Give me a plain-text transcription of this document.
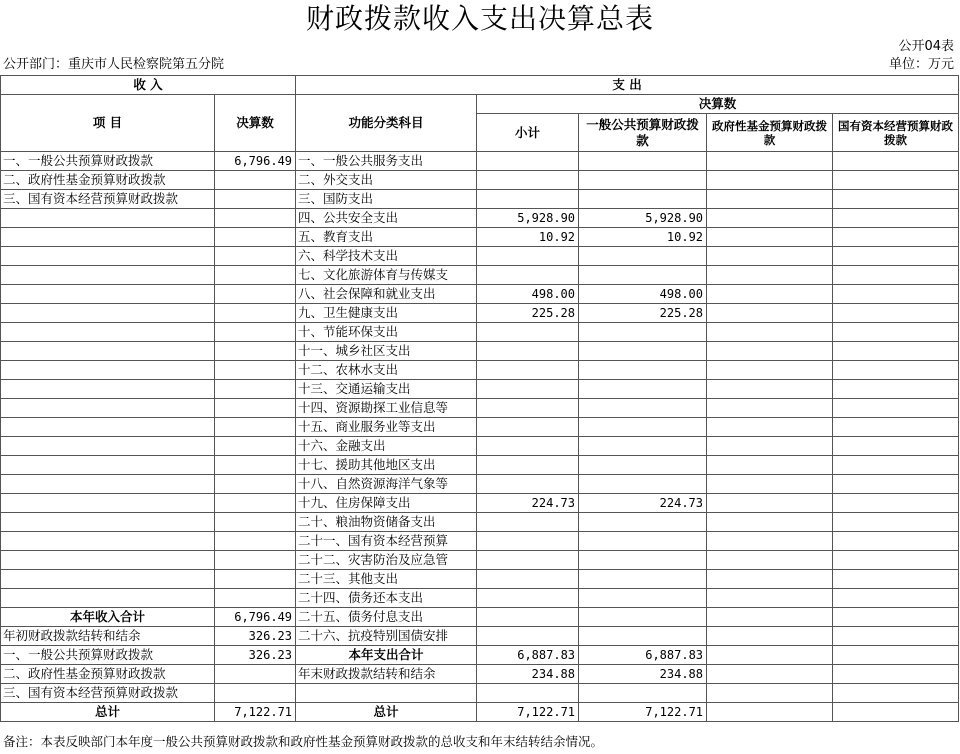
财政拨款收入支出决算总表
公开04表
公开部门：重庆市人民检察院第五分院	单位：万元
收 入		支 出				
项 目	决算数	功能分类科目	决算数			
			小计	一般公共预算财政拨款	政府性基金预算财政拨款	国有资本经营预算财政拨款

一、一般公共预算财政拨款	6,796.49	一、一般公共服务支出				
二、政府性基金预算财政拨款		二、外交支出				
三、国有资本经营预算财政拨款		三、国防支出				
		四、公共安全支出	5,928.90	5,928.90		
		五、教育支出	10.92	10.92		
		六、科学技术支出				
		七、文化旅游体育与传媒支				
		八、社会保障和就业支出	498.00	498.00		
		九、卫生健康支出	225.28	225.28		
		十、节能环保支出				
		十一、城乡社区支出				
		十二、农林水支出				
		十三、交通运输支出				
		十四、资源勘探工业信息等				
		十五、商业服务业等支出				
		十六、金融支出				
		十七、援助其他地区支出				
		十八、自然资源海洋气象等				
		十九、住房保障支出	224.73	224.73		
		二十、粮油物资储备支出				
		二十一、国有资本经营预算				
		二十二、灾害防治及应急管				
		二十三、其他支出				
		二十四、债务还本支出				
本年收入合计	6,796.49	二十五、债务付息支出				
年初财政拨款结转和结余	326.23	二十六、抗疫特别国债安排				
一、一般公共预算财政拨款	326.23	本年支出合计	6,887.83	6,887.83		
二、政府性基金预算财政拨款		年末财政拨款结转和结余	234.88	234.88		
三、国有资本经营预算财政拨款						
总计	7,122.71	总计	7,122.71	7,122.71		
备注：本表反映部门本年度一般公共预算财政拨款和政府性基金预算财政拨款的总收支和年末结转结余情况。
